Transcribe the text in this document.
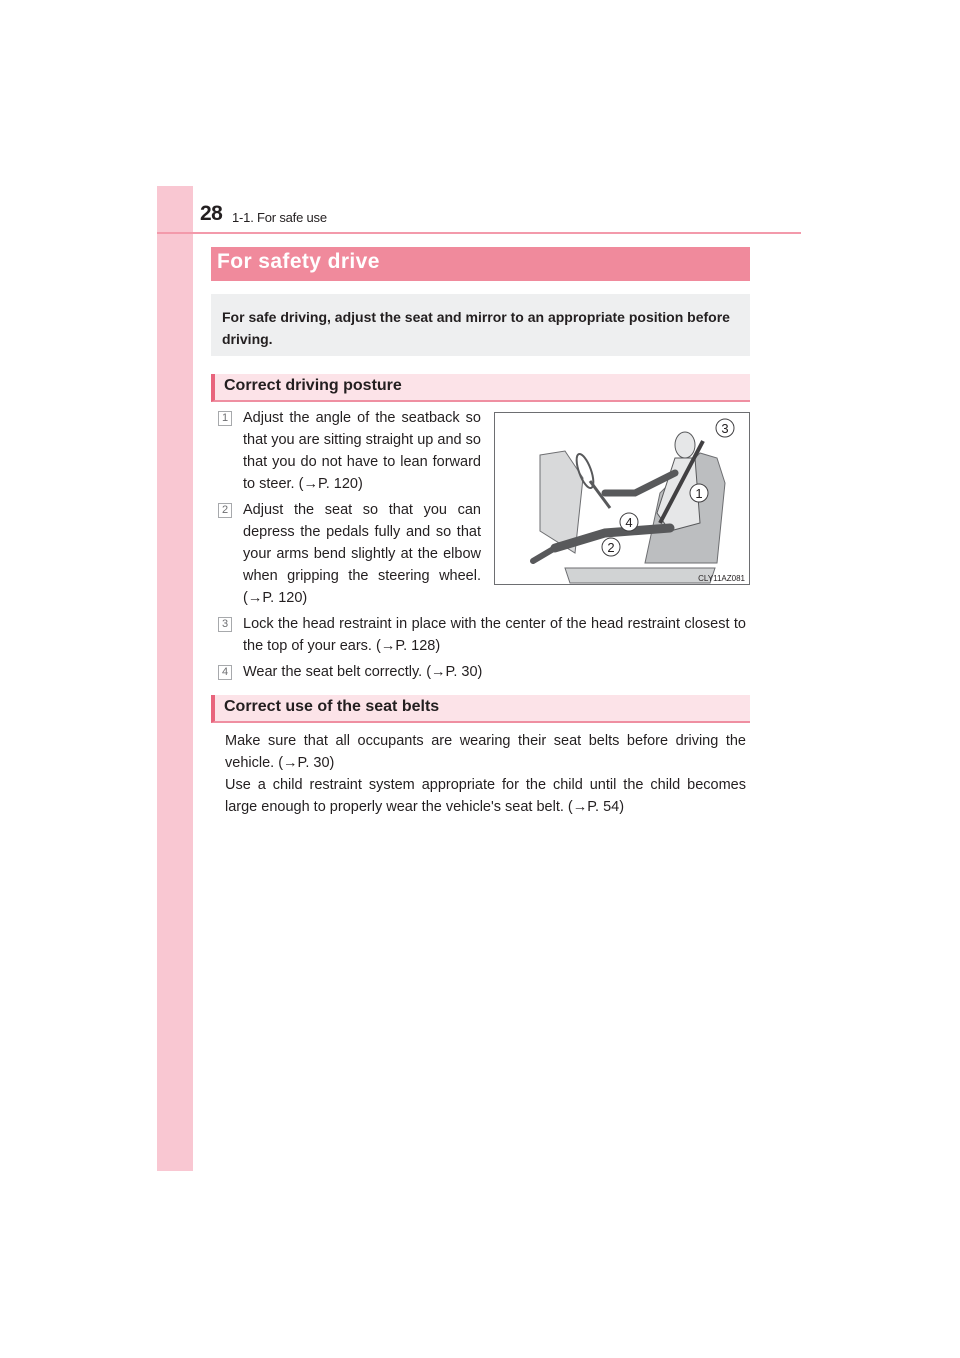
28 1-1. For safe use
For safety drive
For safe driving, adjust the seat and mirror to an appropriate position before driving.
Correct driving posture
1 Adjust the angle of the seatback so that you are sitting straight up and so that you do not have to lean forward to steer. (→P. 120)
2 Adjust the seat so that you can depress the pedals fully and so that your arms bend slightly at the elbow when gripping the steering wheel. (→P. 120)
3
1
4
2
CLY11AZ081
3 Lock the head restraint in place with the center of the head restraint closest to the top of your ears. (→P. 128)
4 Wear the seat belt correctly. (→P. 30)
Correct use of the seat belts
Make sure that all occupants are wearing their seat belts before driving the vehicle. (→P. 30)
Use a child restraint system appropriate for the child until the child becomes large enough to properly wear the vehicle's seat belt. (→P. 54)
